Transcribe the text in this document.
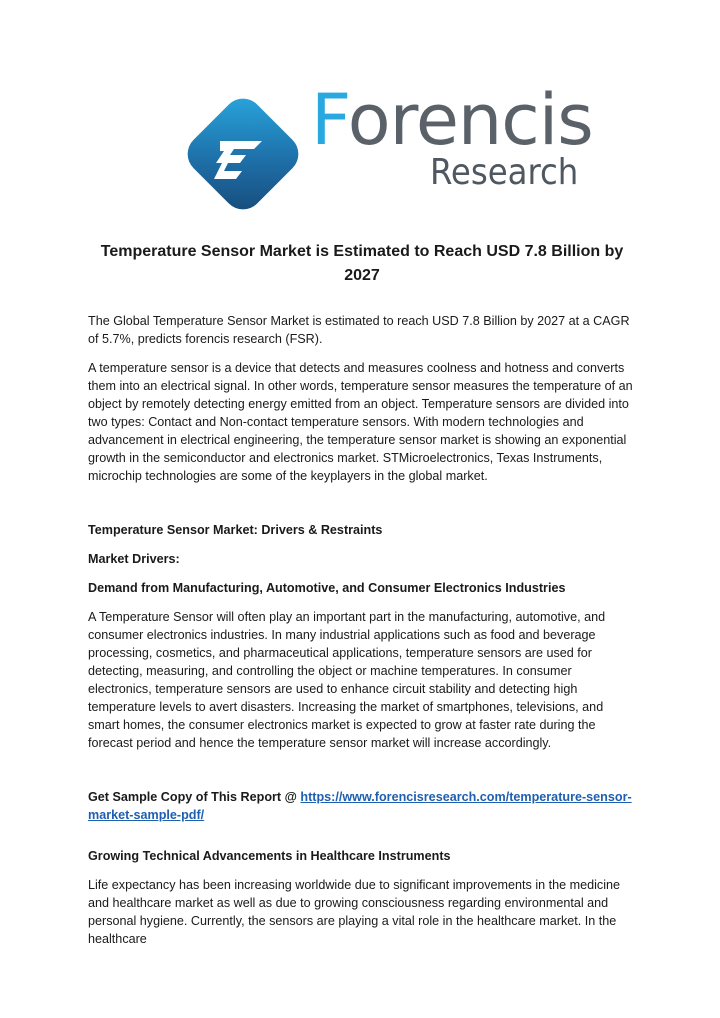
Forencis
Research
Temperature Sensor Market is Estimated to Reach USD 7.8 Billion by 2027

The Global Temperature Sensor Market is estimated to reach USD 7.8 Billion by 2027 at a CAGR of 5.7%, predicts forencis research (FSR).

A temperature sensor is a device that detects and measures coolness and hotness and converts them into an electrical signal. In other words, temperature sensor measures the temperature of an object by remotely detecting energy emitted from an object. Temperature sensors are divided into two types: Contact and Non-contact temperature sensors. With modern technologies and advancement in electrical engineering, the temperature sensor market is showing an exponential growth in the semiconductor and electronics market. STMicroelectronics, Texas Instruments, microchip technologies are some of the keyplayers in the global market.

Temperature Sensor Market: Drivers & Restraints

Market Drivers:

Demand from Manufacturing, Automotive, and Consumer Electronics Industries

A Temperature Sensor will often play an important part in the manufacturing, automotive, and consumer electronics industries. In many industrial applications such as food and beverage processing, cosmetics, and pharmaceutical applications, temperature sensors are used for detecting, measuring, and controlling the object or machine temperatures. In consumer electronics, temperature sensors are used to enhance circuit stability and detecting high temperature levels to avert disasters. Increasing the market of smartphones, televisions, and smart homes, the consumer electronics market is expected to grow at faster rate during the forecast period and hence the temperature sensor market will increase accordingly.

Get Sample Copy of This Report @ https://www.forencisresearch.com/temperature-sensor-market-sample-pdf/

Growing Technical Advancements in Healthcare Instruments

Life expectancy has been increasing worldwide due to significant improvements in the medicine and healthcare market as well as due to growing consciousness regarding environmental and personal hygiene. Currently, the sensors are playing a vital role in the healthcare market. In the healthcare
